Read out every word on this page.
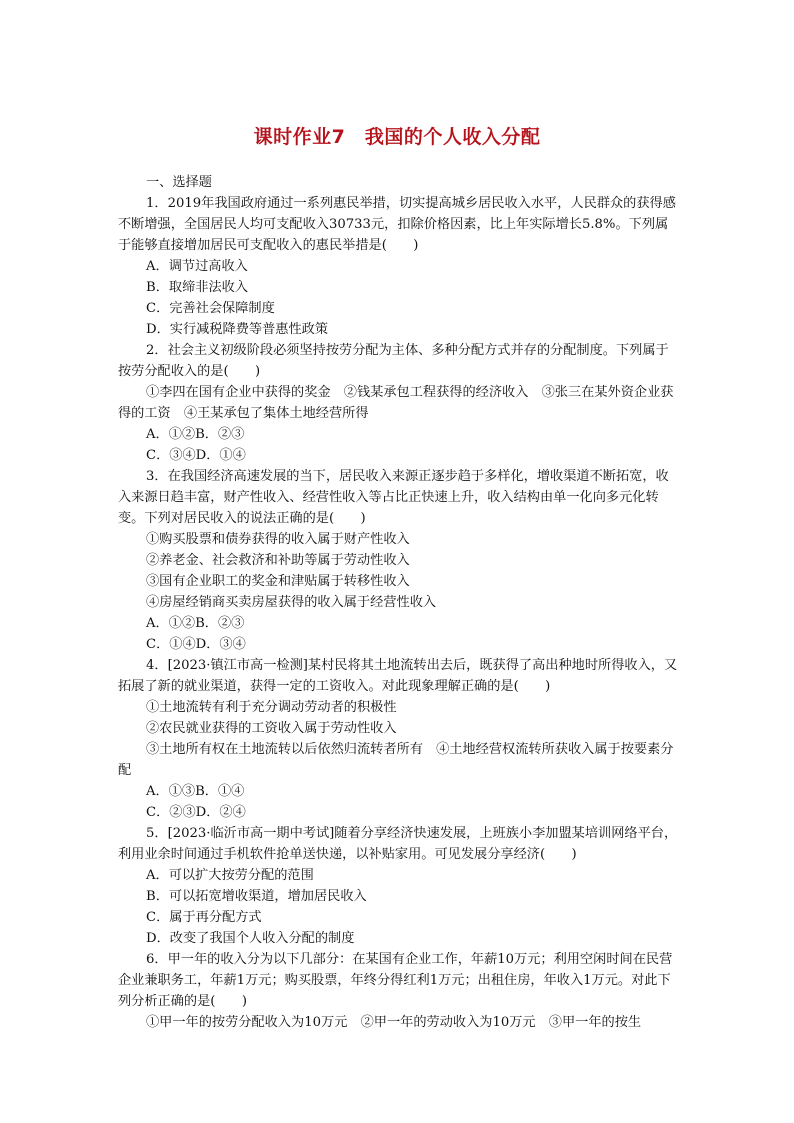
课时作业7　我国的个人收入分配

一、选择题

1．2019年我国政府通过一系列惠民举措，切实提高城乡居民收入水平，人民群众的获得感不断增强，全国居民人均可支配收入30733元，扣除价格因素，比上年实际增长5.8%。下列属于能够直接增加居民可支配收入的惠民举措是(　　)

A．调节过高收入

B．取缔非法收入

C．完善社会保障制度

D．实行减税降费等普惠性政策

2．社会主义初级阶段必须坚持按劳分配为主体、多种分配方式并存的分配制度。下列属于按劳分配收入的是(　　)

①李四在国有企业中获得的奖金　②钱某承包工程获得的经济收入　③张三在某外资企业获得的工资　④王某承包了集体土地经营所得

A．①②B．②③

C．③④D．①④

3．在我国经济高速发展的当下，居民收入来源正逐步趋于多样化，增收渠道不断拓宽，收入来源日趋丰富，财产性收入、经营性收入等占比正快速上升，收入结构由单一化向多元化转变。下列对居民收入的说法正确的是(　　)

①购买股票和债券获得的收入属于财产性收入

②养老金、社会救济和补助等属于劳动性收入

③国有企业职工的奖金和津贴属于转移性收入

④房屋经销商买卖房屋获得的收入属于经营性收入

A．①②B．②③

C．①④D．③④

4．[2023·镇江市高一检测]某村民将其土地流转出去后，既获得了高出种地时所得收入，又拓展了新的就业渠道，获得一定的工资收入。对此现象理解正确的是(　　)

①土地流转有利于充分调动劳动者的积极性

②农民就业获得的工资收入属于劳动性收入

③土地所有权在土地流转以后依然归流转者所有　④土地经营权流转所获收入属于按要素分配

A．①③B．①④

C．②③D．②④

5．[2023·临沂市高一期中考试]随着分享经济快速发展，上班族小李加盟某培训网络平台，利用业余时间通过手机软件抢单送快递，以补贴家用。可见发展分享经济(　　)

A．可以扩大按劳分配的范围

B．可以拓宽增收渠道，增加居民收入

C．属于再分配方式

D．改变了我国个人收入分配的制度

6．甲一年的收入分为以下几部分：在某国有企业工作，年薪10万元；利用空闲时间在民营企业兼职务工，年薪1万元；购买股票，年终分得红利1万元；出租住房，年收入1万元。对此下列分析正确的是(　　)

①甲一年的按劳分配收入为10万元　②甲一年的劳动收入为10万元　③甲一年的按生
